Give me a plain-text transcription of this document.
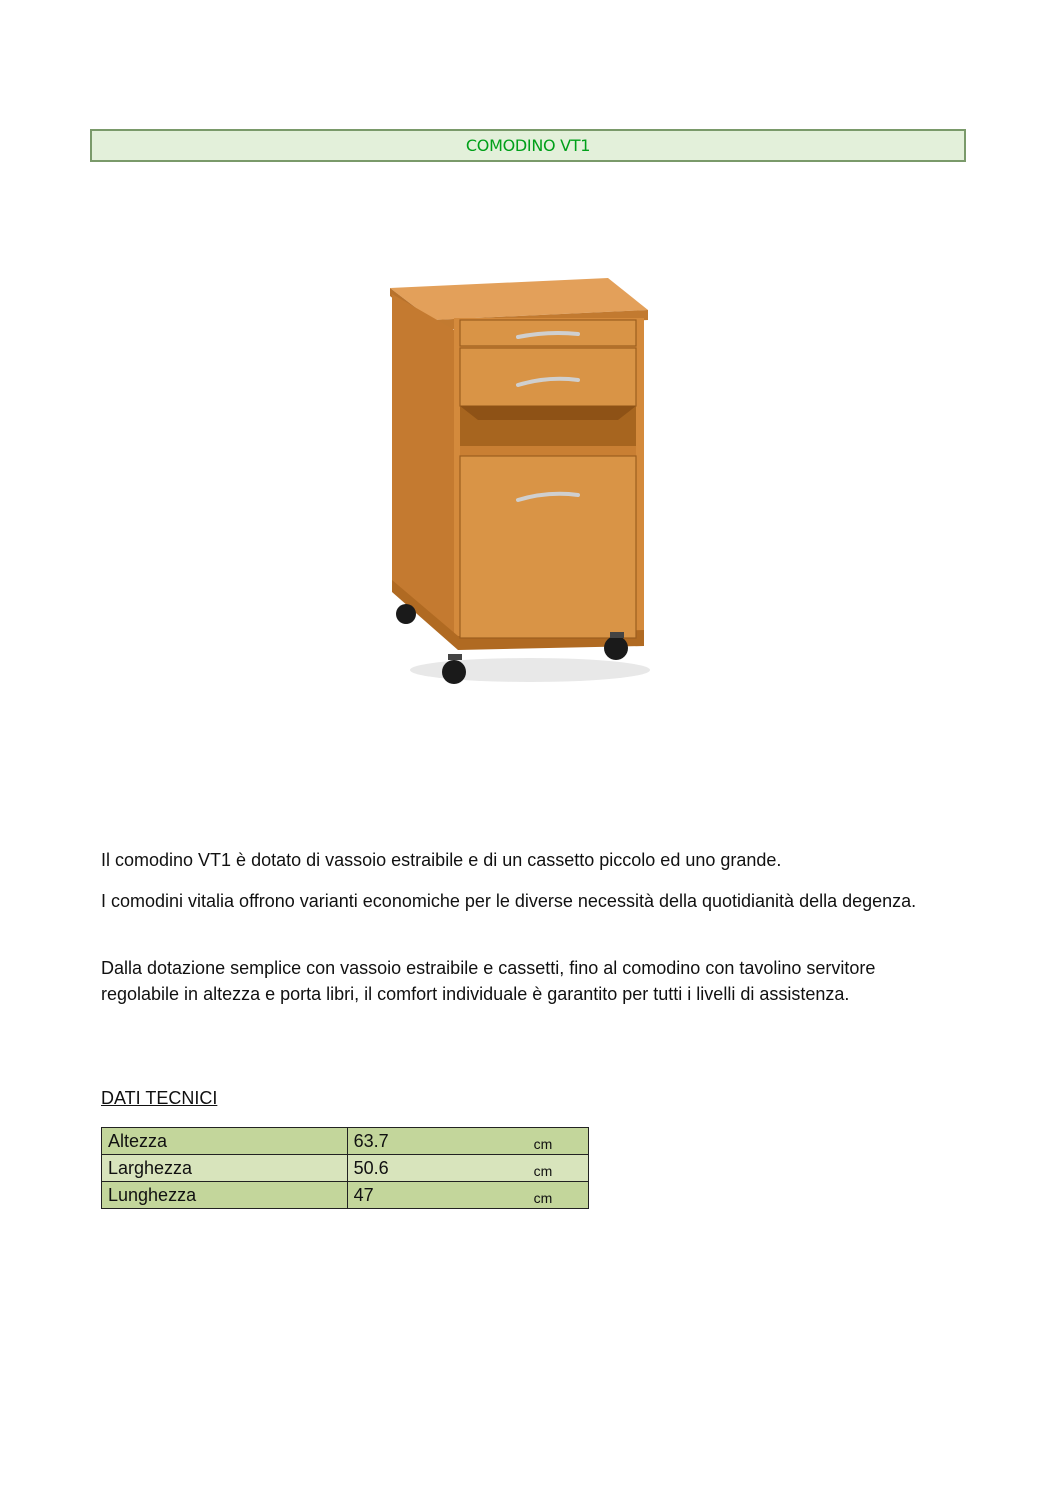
COMODINO VT1

Il comodino VT1 è dotato di vassoio estraibile e di un cassetto piccolo ed uno grande.

I comodini vitalia offrono varianti economiche per le diverse necessità della quotidianità della degenza.

Dalla dotazione semplice con vassoio estraibile e cassetti, fino al comodino con tavolino servitore regolabile in altezza e porta libri, il comfort individuale è garantito per tutti i livelli di assistenza.

DATI TECNICI

Altezza	63.7 cm

Larghezza	50.6 cm

Lunghezza	47 cm
